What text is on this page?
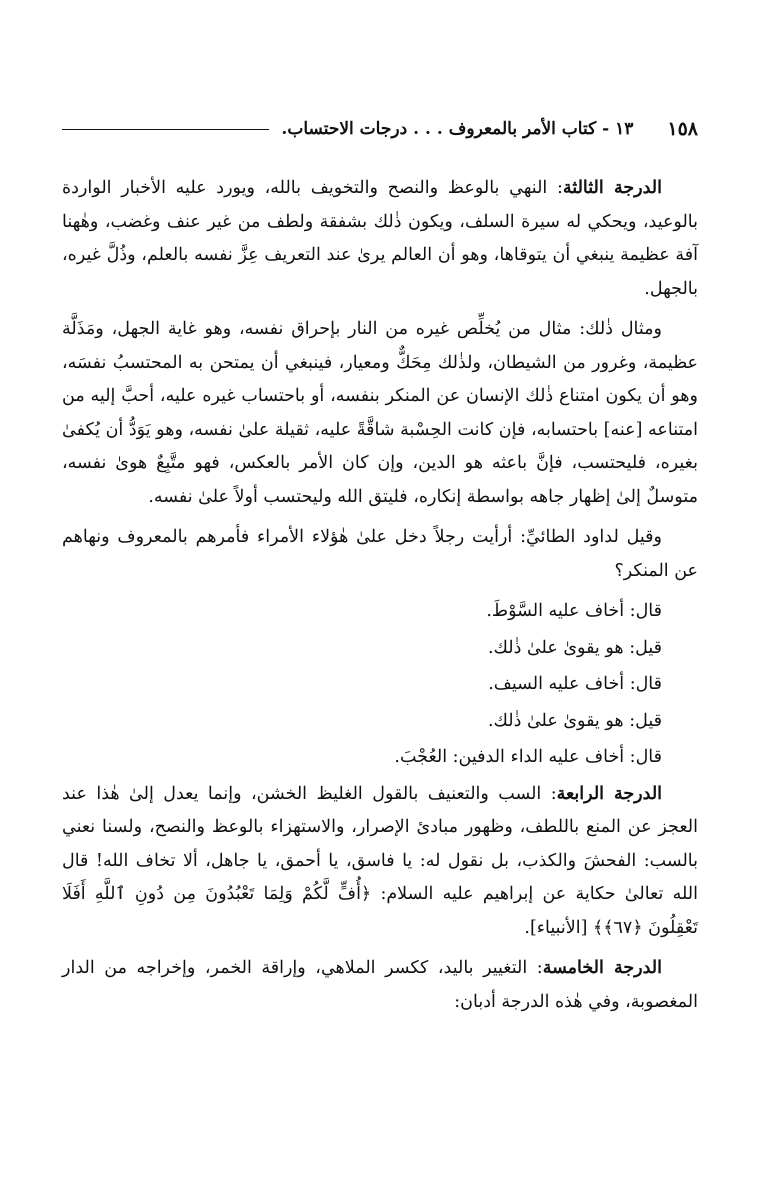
١٥٨
١٣ - كتاب الأمر بالمعروف
. . .
درجات الاحتساب.

الدرجة الثالثة: النهي بالوعظ والنصح والتخويف بالله، ويورد عليه الأخبار الواردة بالوعيد، ويحكي له سيرة السلف، ويكون ذٰلك بشفقة ولطف من غير عنف وغضب، وهٰهنا آفة عظيمة ينبغي أن يتوقاها، وهو أن العالم يرىٰ عند التعريف عِزَّ نفسه بالعلم، وذُلَّ غيره، بالجهل.

ومثال ذٰلك: مثال من يُخلِّص غيره من النار بإحراق نفسه، وهو غاية الجهل، ومَذَلَّة عظيمة، وغرور من الشيطان، ولذٰلك مِحَكٌّ ومعيار، فينبغي أن يمتحن به المحتسبُ نفسَه، وهو أن يكون امتناع ذٰلك الإنسان عن المنكر بنفسه، أو باحتساب غيره عليه، أحبَّ إليه من امتناعه [عنه] باحتسابه، فإن كانت الحِسْبة شاقَّةً عليه، ثقيلة علىٰ نفسه، وهو يَوَدُّ أن يُكفىٰ بغيره، فليحتسب، فإنَّ باعثه هو الدين، وإن كان الأمر بالعكس، فهو متَّبِعٌ هوىٰ نفسه، متوسلٌ إلىٰ إظهار جاهه بواسطة إنكاره، فليتق الله وليحتسب أولاً علىٰ نفسه.

وقيل لداود الطائيِّ: أرأيت رجلاً دخل علىٰ هٰؤلاء الأمراء فأمرهم بالمعروف ونهاهم عن المنكر؟

قال: أخاف عليه السَّوْطَ.

قيل: هو يقوىٰ علىٰ ذٰلك.

قال: أخاف عليه السيف.

قيل: هو يقوىٰ علىٰ ذٰلك.

قال: أخاف عليه الداء الدفين: العُجْبَ.

الدرجة الرابعة: السب والتعنيف بالقول الغليظ الخشن، وإنما يعدل إلىٰ هٰذا عند العجز عن المنع باللطف، وظهور مبادئ الإصرار، والاستهزاء بالوعظ والنصح، ولسنا نعني بالسب: الفحشَ والكذب، بل نقول له: يا فاسق، يا أحمق، يا جاهل، ألا تخاف الله! قال الله تعالىٰ حكاية عن إبراهيم عليه السلام: ﴿أُفٍّ لَّكُمْ وَلِمَا تَعْبُدُونَ مِن دُونِ ٱللَّهِ أَفَلَا تَعْقِلُونَ ﴿٦٧﴾﴾ [الأنبياء].

الدرجة الخامسة: التغيير باليد، ككسر الملاهي، وإراقة الخمر، وإخراجه من الدار المغصوبة، وفي هٰذه الدرجة أدبان:
